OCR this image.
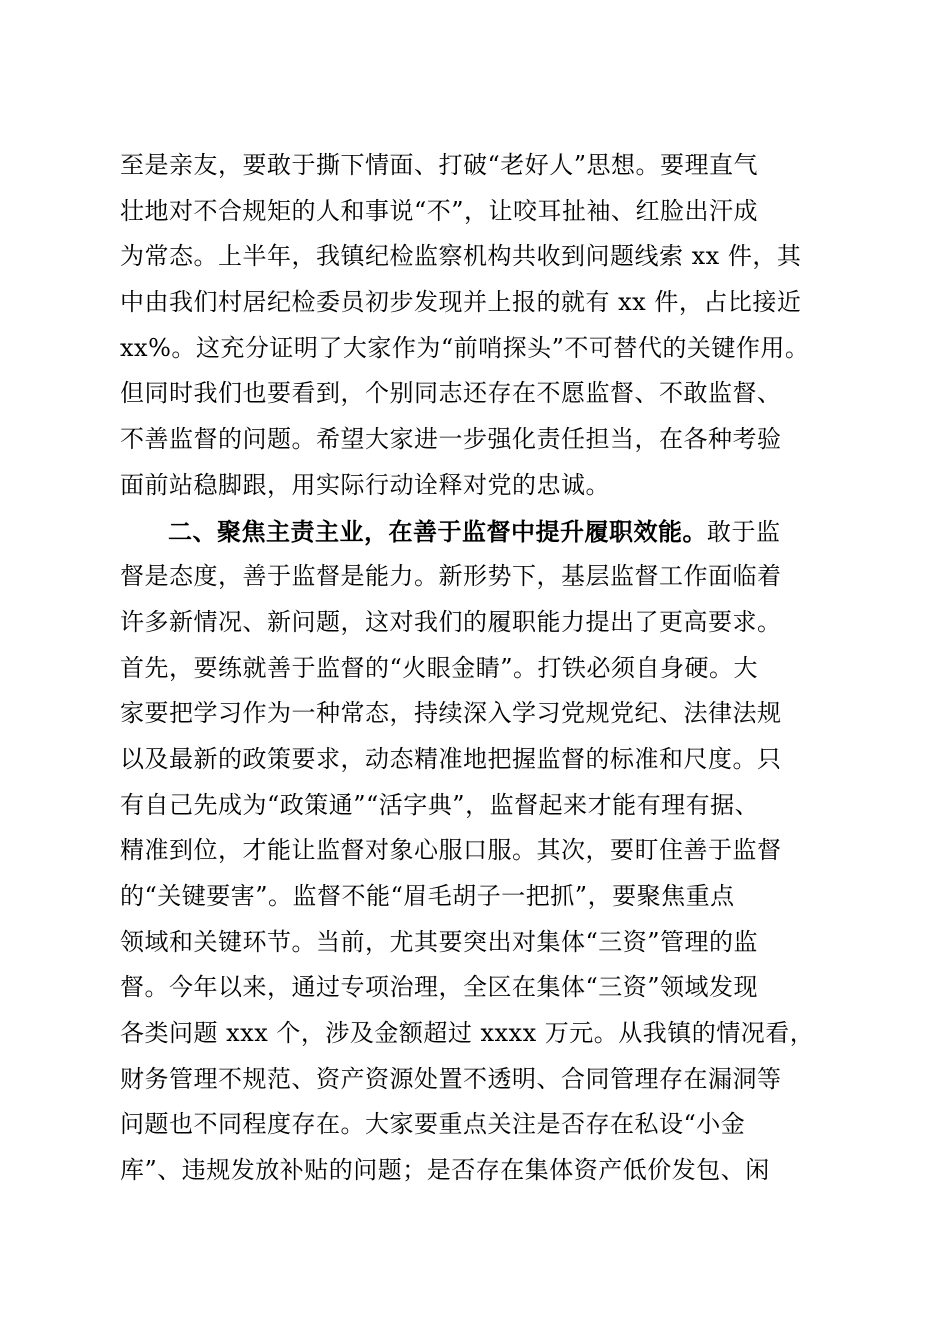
至是亲友，要敢于撕下情面、打破“老好人”思想。要理直气
壮地对不合规矩的人和事说“不”，让咬耳扯袖、红脸出汗成
为常态。上半年，我镇纪检监察机构共收到问题线索 xx 件，其
中由我们村居纪检委员初步发现并上报的就有 xx 件，占比接近
xx%。这充分证明了大家作为“前哨探头”不可替代的关键作用。
但同时我们也要看到，个别同志还存在不愿监督、不敢监督、
不善监督的问题。希望大家进一步强化责任担当，在各种考验
面前站稳脚跟，用实际行动诠释对党的忠诚。
二、聚焦主责主业，在善于监督中提升履职效能。敢于监
督是态度，善于监督是能力。新形势下，基层监督工作面临着
许多新情况、新问题，这对我们的履职能力提出了更高要求。
首先，要练就善于监督的“火眼金睛”。打铁必须自身硬。大
家要把学习作为一种常态，持续深入学习党规党纪、法律法规
以及最新的政策要求，动态精准地把握监督的标准和尺度。只
有自己先成为“政策通”“活字典”，监督起来才能有理有据、
精准到位，才能让监督对象心服口服。其次，要盯住善于监督
的“关键要害”。监督不能“眉毛胡子一把抓”，要聚焦重点
领域和关键环节。当前，尤其要突出对集体“三资”管理的监
督。今年以来，通过专项治理，全区在集体“三资”领域发现
各类问题 xxx 个，涉及金额超过 xxxx 万元。从我镇的情况看，
财务管理不规范、资产资源处置不透明、合同管理存在漏洞等
问题也不同程度存在。大家要重点关注是否存在私设“小金
库”、违规发放补贴的问题；是否存在集体资产低价发包、闲
